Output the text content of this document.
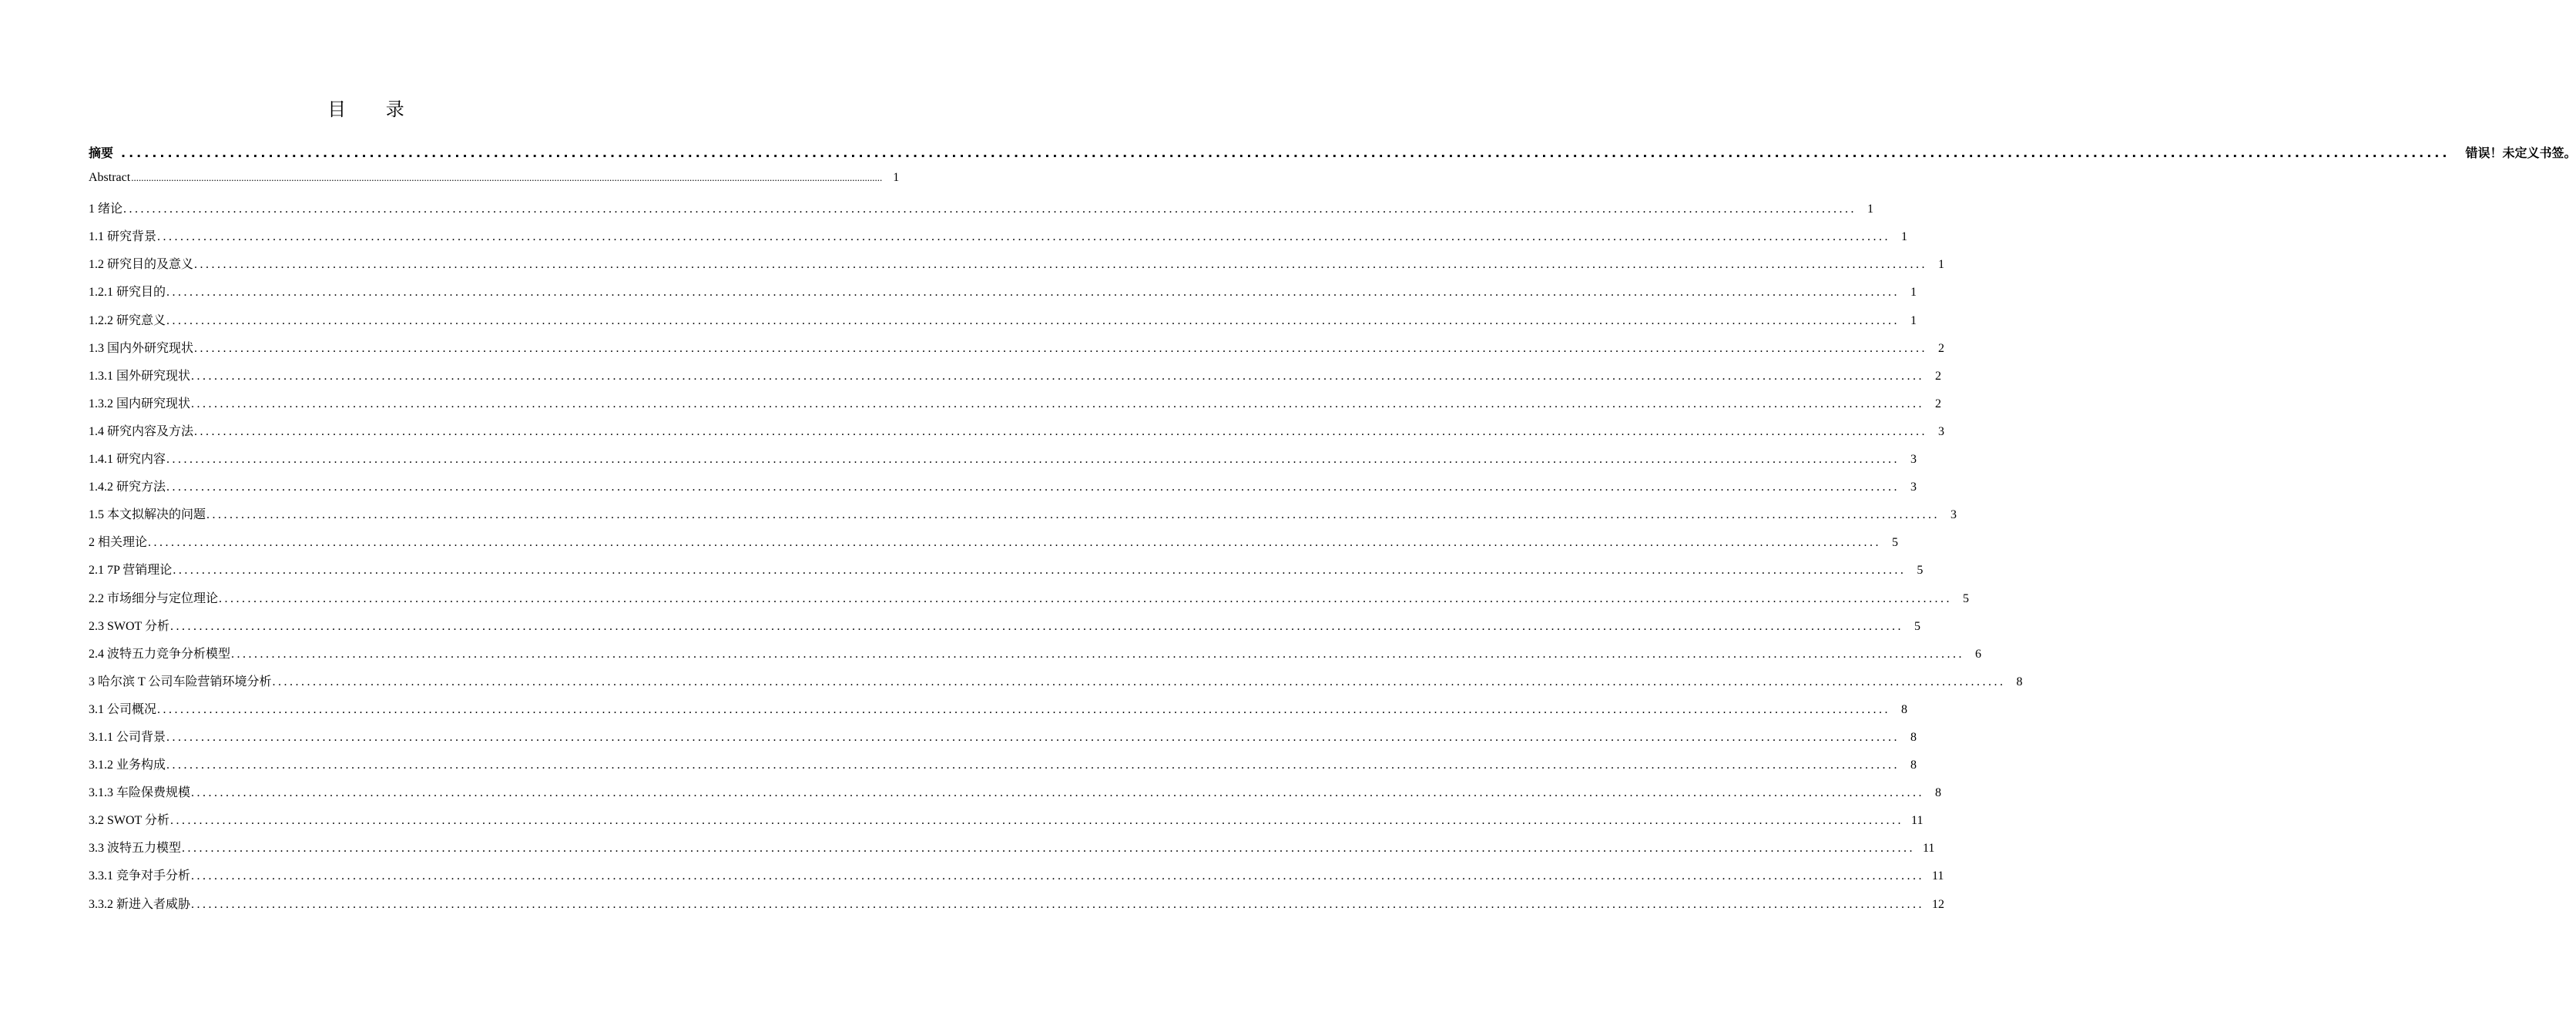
目 录
摘要 ............................................................................................................................................................................................................................................................................................................	错误！未定义书签。
Abstract ............................................................................................................................................................................................................................................................................................................ 1
1 绪论 ............................................................................................................................................................................................................................................................................................................ 1
1.1 研究背景 ............................................................................................................................................................................................................................................................................................................ 1
1.2 研究目的及意义 ............................................................................................................................................................................................................................................................................................................ 1
1.2.1 研究目的 ............................................................................................................................................................................................................................................................................................................ 1
1.2.2 研究意义 ............................................................................................................................................................................................................................................................................................................ 1
1.3 国内外研究现状 ............................................................................................................................................................................................................................................................................................................ 2
1.3.1 国外研究现状 ............................................................................................................................................................................................................................................................................................................ 2
1.3.2 国内研究现状 ............................................................................................................................................................................................................................................................................................................ 2
1.4 研究内容及方法 ............................................................................................................................................................................................................................................................................................................ 3
1.4.1 研究内容 ............................................................................................................................................................................................................................................................................................................ 3
1.4.2 研究方法 ............................................................................................................................................................................................................................................................................................................ 3
1.5 本文拟解决的问题 ............................................................................................................................................................................................................................................................................................................ 3
2 相关理论 ............................................................................................................................................................................................................................................................................................................ 5
2.1 7P 营销理论 ............................................................................................................................................................................................................................................................................................................ 5
2.2 市场细分与定位理论 ............................................................................................................................................................................................................................................................................................................ 5
2.3 SWOT 分析 ............................................................................................................................................................................................................................................................................................................ 5
2.4 波特五力竞争分析模型 ............................................................................................................................................................................................................................................................................................................ 6
3 哈尔滨 T 公司车险营销环境分析 ............................................................................................................................................................................................................................................................................................................ 8
3.1 公司概况 ............................................................................................................................................................................................................................................................................................................ 8
3.1.1 公司背景 ............................................................................................................................................................................................................................................................................................................ 8
3.1.2 业务构成 ............................................................................................................................................................................................................................................................................................................ 8
3.1.3 车险保费规模 ............................................................................................................................................................................................................................................................................................................ 8
3.2 SWOT 分析 ............................................................................................................................................................................................................................................................................................................ 11
3.3 波特五力模型 ............................................................................................................................................................................................................................................................................................................ 11
3.3.1 竞争对手分析 ............................................................................................................................................................................................................................................................................................................ 11
3.3.2 新进入者威胁 ............................................................................................................................................................................................................................................................................................................ 12
